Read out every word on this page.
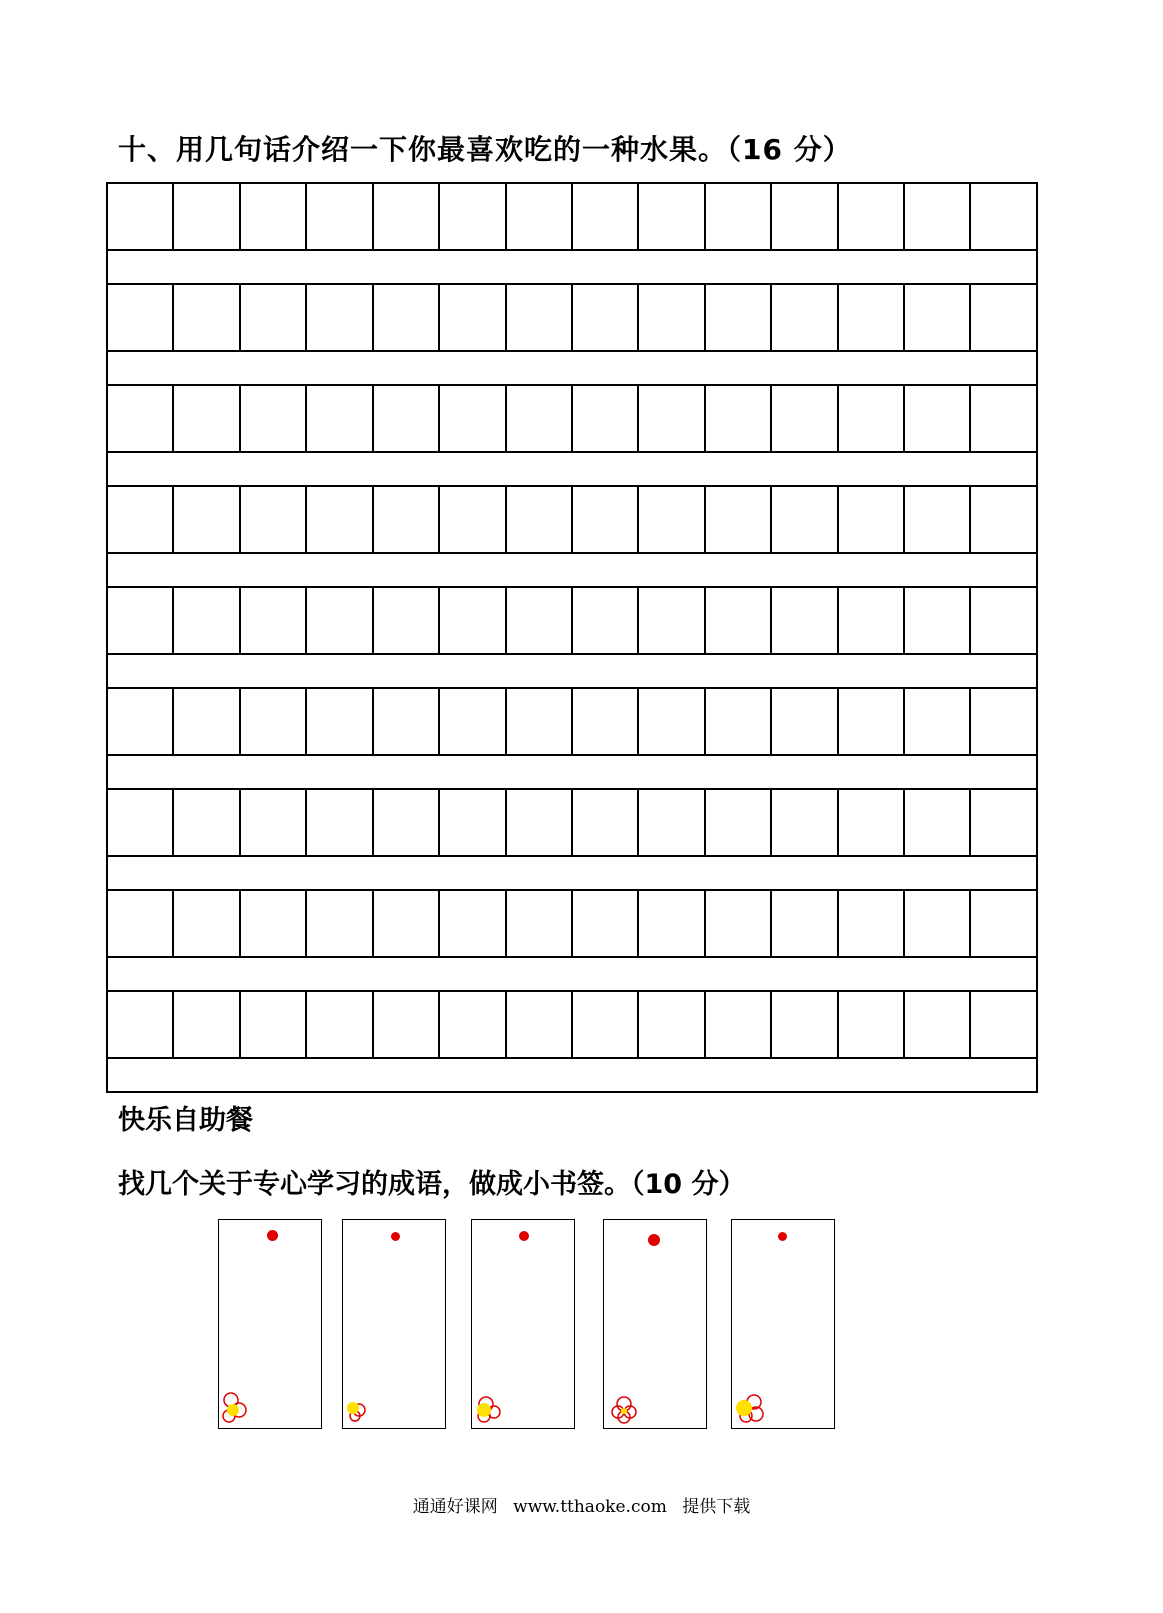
十、用几句话介绍一下你最喜欢吃的一种水果。（16 分）
快乐自助餐
找几个关于专心学习的成语，做成小书签。（10 分）
通通好课网 www.tthaoke.com 提供下载
